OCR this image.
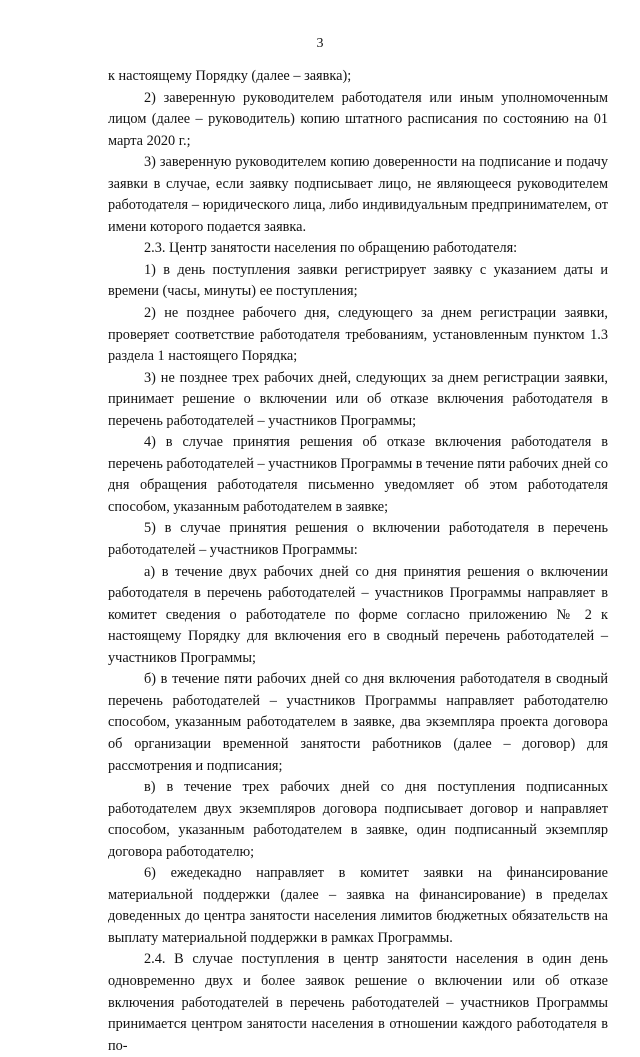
3

к настоящему Порядку (далее – заявка);

2) заверенную руководителем работодателя или иным уполномоченным лицом (далее – руководитель) копию штатного расписания по состоянию на 01 марта 2020 г.;

3) заверенную руководителем копию доверенности на подписание и подачу заявки в случае, если заявку подписывает лицо, не являющееся руководителем работодателя – юридического лица, либо индивидуальным предпринимателем, от имени которого подается заявка.

2.3. Центр занятости населения по обращению работодателя:

1) в день поступления заявки регистрирует заявку с указанием даты и времени (часы, минуты) ее поступления;

2) не позднее рабочего дня, следующего за днем регистрации заявки, проверяет соответствие работодателя требованиям, установленным пунктом 1.3 раздела 1 настоящего Порядка;

3) не позднее трех рабочих дней, следующих за днем регистрации заявки, принимает решение о включении или об отказе включения работодателя в перечень работодателей – участников Программы;

4) в случае принятия решения об отказе включения работодателя в перечень работодателей – участников Программы в течение пяти рабочих дней со дня обращения работодателя письменно уведомляет об этом работодателя способом, указанным работодателем в заявке;

5) в случае принятия решения о включении работодателя в перечень работодателей – участников Программы:

а) в течение двух рабочих дней со дня принятия решения о включении работодателя в перечень работодателей – участников Программы направляет в комитет сведения о работодателе по форме согласно приложению № 2 к настоящему Порядку для включения его в сводный перечень работодателей – участников Программы;

б) в течение пяти рабочих дней со дня включения работодателя в сводный перечень работодателей – участников Программы направляет работодателю способом, указанным работодателем в заявке, два экземпляра проекта договора об организации временной занятости работников (далее – договор) для рассмотрения и подписания;

в) в течение трех рабочих дней со дня поступления подписанных работодателем двух экземпляров договора подписывает договор и направляет способом, указанным работодателем в заявке, один подписанный экземпляр договора работодателю;

6) ежедекадно направляет в комитет заявки на финансирование материальной поддержки (далее – заявка на финансирование) в пределах доведенных до центра занятости населения лимитов бюджетных обязательств на выплату материальной поддержки в рамках Программы.

2.4. В случае поступления в центр занятости населения в один день одновременно двух и более заявок решение о включении или об отказе включения работодателей в перечень работодателей – участников Программы принимается центром занятости населения в отношении каждого работодателя в по-
